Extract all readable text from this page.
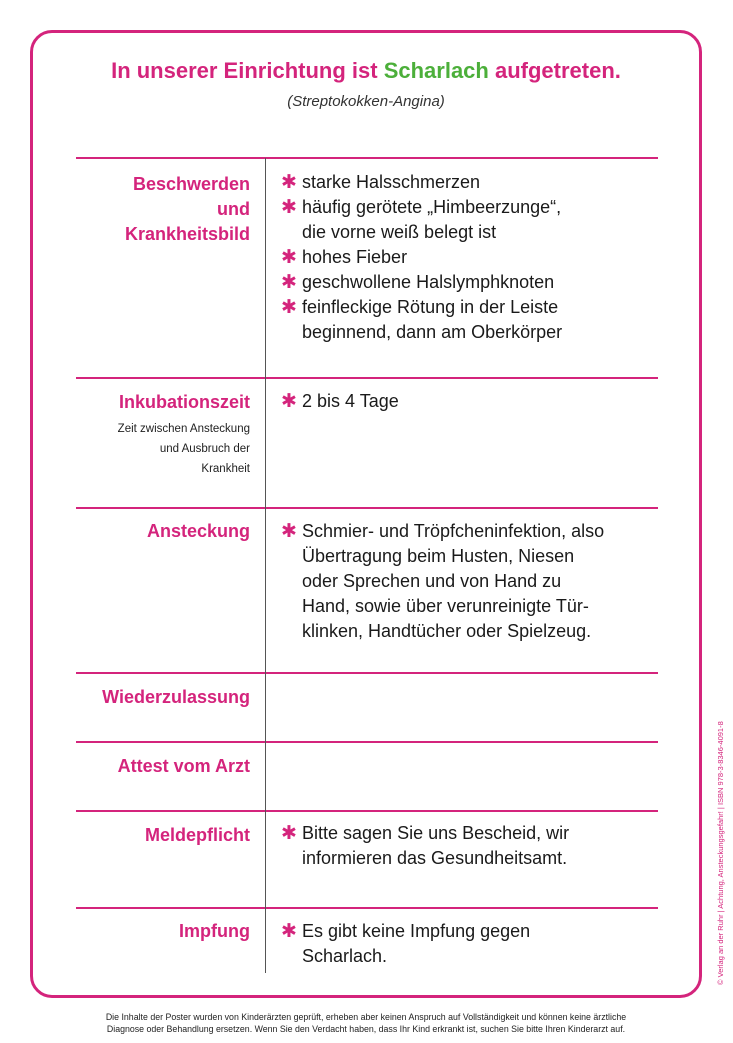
In unserer Einrichtung ist Scharlach aufgetreten.

(Streptokokken-Angina)

Beschwerden
und
Krankheitsbild
✱ starke Halsschmerzen
✱ häufig gerötete „Himbeerzunge“,
die vorne weiß belegt ist
✱ hohes Fieber
✱ geschwollene Halslymphknoten
✱ feinfleckige Rötung in der Leiste
beginnend, dann am Oberkörper
Inkubationszeit
Zeit zwischen Ansteckung
und Ausbruch der
Krankheit
✱ 2 bis 4 Tage
Ansteckung ✱ Schmier- und Tröpfcheninfektion, also
Übertragung beim Husten, Niesen
oder Sprechen und von Hand zu
Hand, sowie über verunreinigte Tür-
klinken, Handtücher oder Spielzeug.
Wiederzulassung
Attest vom Arzt
Meldepflicht ✱ Bitte sagen Sie uns Bescheid, wir
informieren das Gesundheitsamt.
Impfung ✱ Es gibt keine Impfung gegen
Scharlach.	© Verlag an der Ruhr | Achtung, Ansteckungsgefahr! | ISBN 978-3-8346-4091-8
Die Inhalte der Poster wurden von Kinderärzten geprüft, erheben aber keinen Anspruch auf Vollständigkeit und können keine ärztliche
Diagnose oder Behandlung ersetzen. Wenn Sie den Verdacht haben, dass Ihr Kind erkrankt ist, suchen Sie bitte Ihren Kinderarzt auf.
